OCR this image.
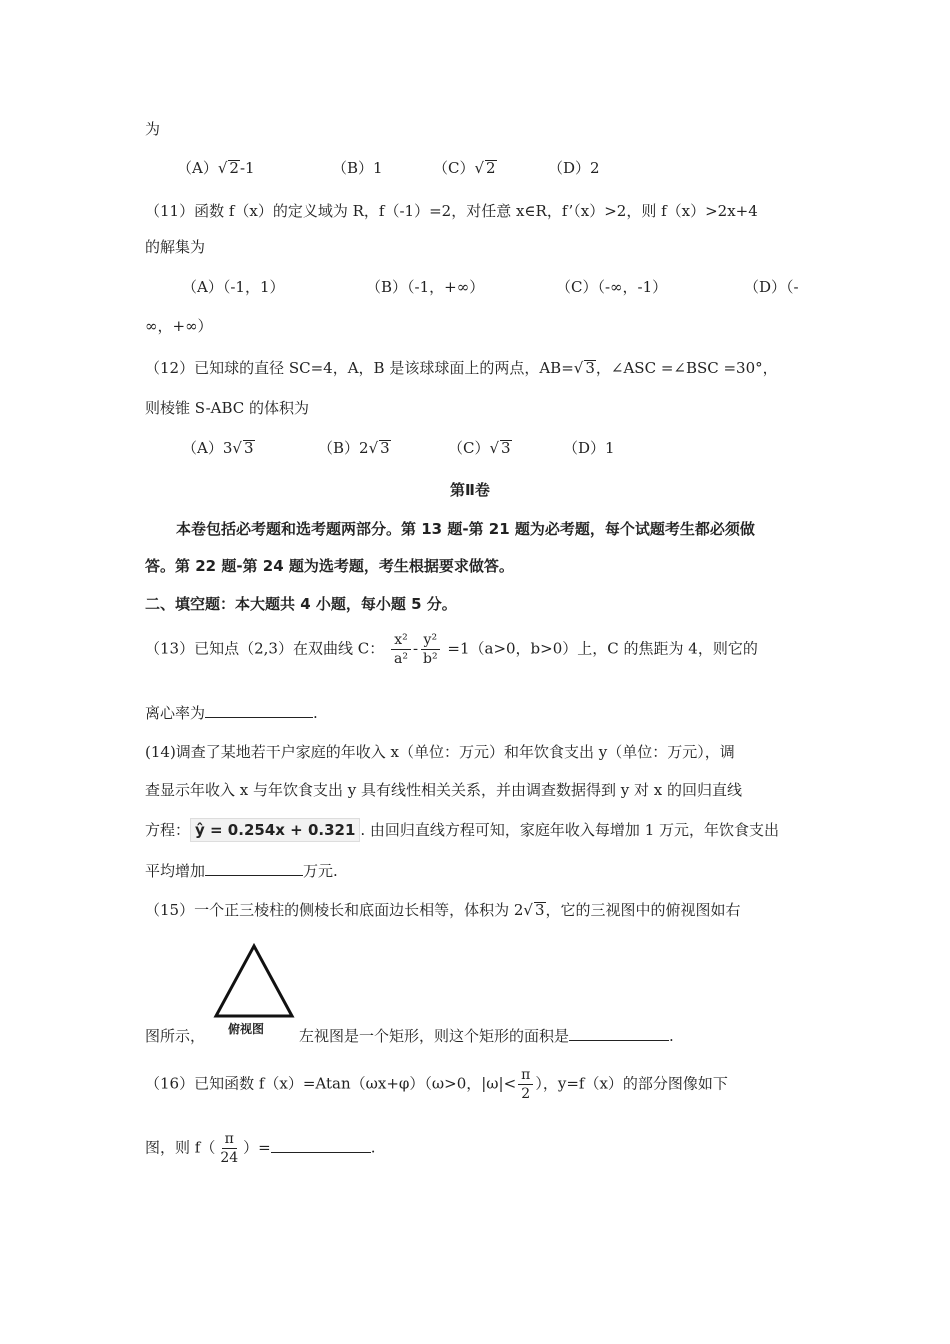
为
（A）√ 2-1	（B）1	（C）√ 2	（D）2
（11）函数 f（x）的定义域为 R，f（-1）=2，对任意 x∈R，f’（x）>2，则 f（x）>2x+4
的解集为
（A）（-1，1）	（B）（-1，+∞）	（C）（-∞，-1）	（D）（-
∞，+∞）
（12）已知球的直径 SC=4，A，B 是该球球面上的两点，AB=√ 3，∠ASC =∠BSC =30°，
则棱锥 S-ABC 的体积为
（A）3√ 3	（B）2√ 3	（C）√ 3	（D）1
第Ⅱ卷
本卷包括必考题和选考题两部分。第 13 题-第 21 题为必考题，每个试题考生都必须做
答。第 22 题-第 24 题为选考题，考生根据要求做答。
二、填空题：本大题共 4 小题，每小题 5 分。
（13）已知点（2,3）在双曲线 C： $\frac{\text{x²}}{\text{a²}} - \frac{\text{y²}}{\text{b²}} =1(a>0$，b>0）上，C 的焦距为 4，则它的
离心率为	.
(14)调查了某地若干户家庭的年收入 x（单位：万元）和年饮食支出 y（单位：万元），调
查显示年收入 x 与年饮食支出 y 具有线性相关关系，并由调查数据得到 y 对 x 的回归直线
方程： ŷ = 0.254x + 0.321 . 由回归直线方程可知，家庭年收入每增加 1 万元，年饮食支出
平均增加	万元.
（15）一个正三棱柱的侧棱长和底面边长相等，体积为 2√ 3，它的三视图中的俯视图如右
俯视图
图所示，	左视图是一个矩形，则这个矩形的面积是	.
（16）已知函数 f（x）=Atan（ωx+φ）（ω>0，$|\omega|< \frac{\pi}{2}$ ），y=f（x）的部分图像如下
图，则 $f( \frac{\pi}{24}$ ）=	.
